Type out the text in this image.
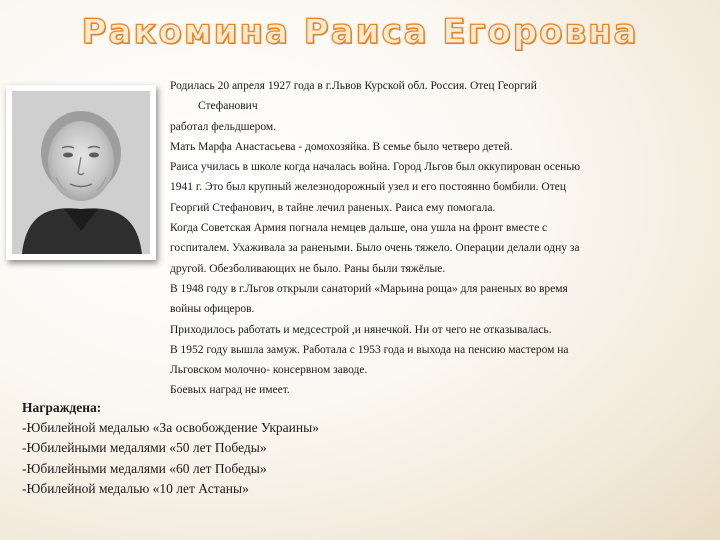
Ракомина Раиса Егоровна

Родилась 20 апреля 1927 года в г.Львов Курской обл. Россия. Отец Георгий

Стефанович

работал фельдшером.

Мать Марфа Анастасьева - домохозяйка. В семье было четверо детей.

Раиса училась в школе когда началась война. Город Льгов был оккупирован осенью

1941 г. Это был крупный железнодорожный узел и его постоянно бомбили. Отец

Георгий Стефанович, в тайне лечил раненых. Раиса ему помогала.

Когда Советская Армия погнала немцев дальше, она ушла на фронт вместе с

госпиталем. Ухаживала за ранеными. Было очень тяжело. Операции делали одну за

другой. Обезболивающих не было. Раны были тяжёлые.

В 1948 году в г.Льгов открыли санаторий «Марьина роща» для раненых во время

войны офицеров.

Приходилось работать и медсестрой ,и нянечкой. Ни от чего не отказывалась.

В 1952 году вышла замуж. Работала с 1953 года и выхода на пенсию мастером на

Льговском молочно- консервном заводе.

Боевых наград не имеет.

Награждена:

-Юбилейной медалью «За освобождение Украины»

-Юбилейными медалями «50 лет Победы»

-Юбилейными медалями «60 лет Победы»

-Юбилейной медалью «10 лет Астаны»
